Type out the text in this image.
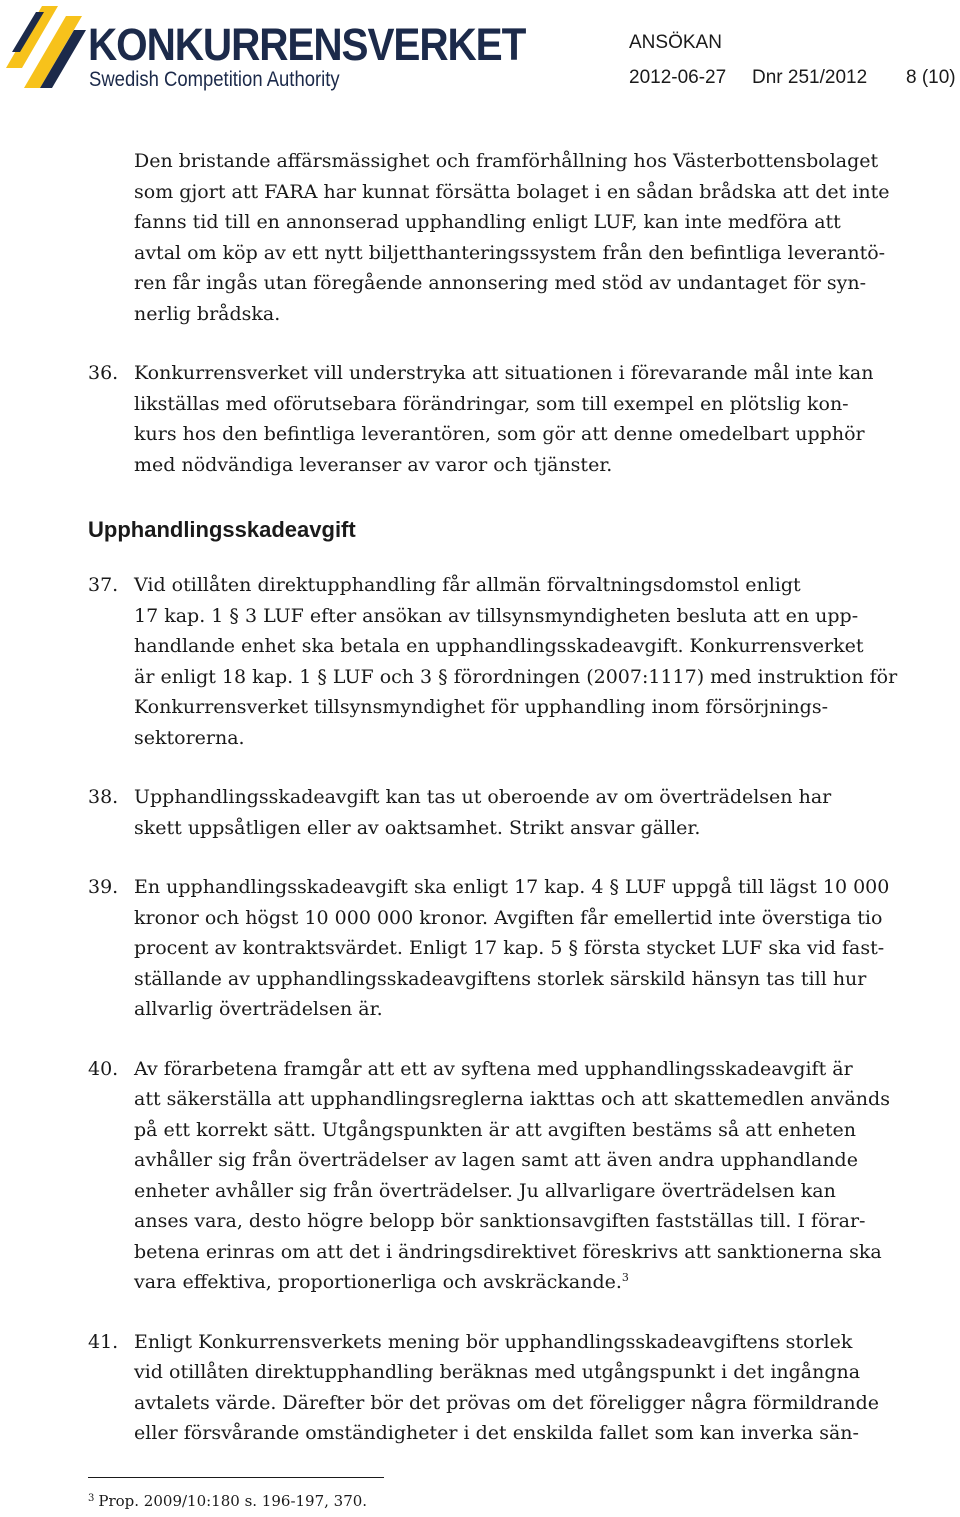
KONKURRENSVERKET
Swedish Competition Authority
ANSÖKAN
2012-06-27 Dnr 251/2012 8 (10)
Den bristande affärsmässighet och framförhållning hos Västerbottensbolaget
som gjort att FARA har kunnat försätta bolaget i en sådan brådska att det inte
fanns tid till en annonserad upphandling enligt LUF, kan inte medföra att
avtal om köp av ett nytt biljetthanteringssystem från den befintliga leverantö-
ren får ingås utan föregående annonsering med stöd av undantaget för syn-
nerlig brådska.
36. Konkurrensverket vill understryka att situationen i förevarande mål inte kan
likställas med oförutsebara förändringar, som till exempel en plötslig kon-
kurs hos den befintliga leverantören, som gör att denne omedelbart upphör
med nödvändiga leveranser av varor och tjänster.
Upphandlingsskadeavgift
37. Vid otillåten direktupphandling får allmän förvaltningsdomstol enligt
17 kap. 1 § 3 LUF efter ansökan av tillsynsmyndigheten besluta att en upp-
handlande enhet ska betala en upphandlingsskadeavgift. Konkurrensverket
är enligt 18 kap. 1 § LUF och 3 § förordningen (2007:1117) med instruktion för
Konkurrensverket tillsynsmyndighet för upphandling inom försörjnings-
sektorerna.
38. Upphandlingsskadeavgift kan tas ut oberoende av om överträdelsen har
skett uppsåtligen eller av oaktsamhet. Strikt ansvar gäller.
39. En upphandlingsskadeavgift ska enligt 17 kap. 4 § LUF uppgå till lägst 10 000
kronor och högst 10 000 000 kronor. Avgiften får emellertid inte överstiga tio
procent av kontraktsvärdet. Enligt 17 kap. 5 § första stycket LUF ska vid fast-
ställande av upphandlingsskadeavgiftens storlek särskild hänsyn tas till hur
allvarlig överträdelsen är.
40. Av förarbetena framgår att ett av syftena med upphandlingsskadeavgift är
att säkerställa att upphandlingsreglerna iakttas och att skattemedlen används
på ett korrekt sätt. Utgångspunkten är att avgiften bestäms så att enheten
avhåller sig från överträdelser av lagen samt att även andra upphandlande
enheter avhåller sig från överträdelser. Ju allvarligare överträdelsen kan
anses vara, desto högre belopp bör sanktionsavgiften fastställas till. I förar-
betena erinras om att det i ändringsdirektivet föreskrivs att sanktionerna ska
vara effektiva, proportionerliga och avskräckande.$^3$
41. Enligt Konkurrensverkets mening bör upphandlingsskadeavgiftens storlek
vid otillåten direktupphandling beräknas med utgångspunkt i det ingångna
avtalets värde. Därefter bör det prövas om det föreligger några förmildrande
eller försvårande omständigheter i det enskilda fallet som kan inverka sän-
$^3$ Prop. 2009/10:180 s. 196-197, 370.
